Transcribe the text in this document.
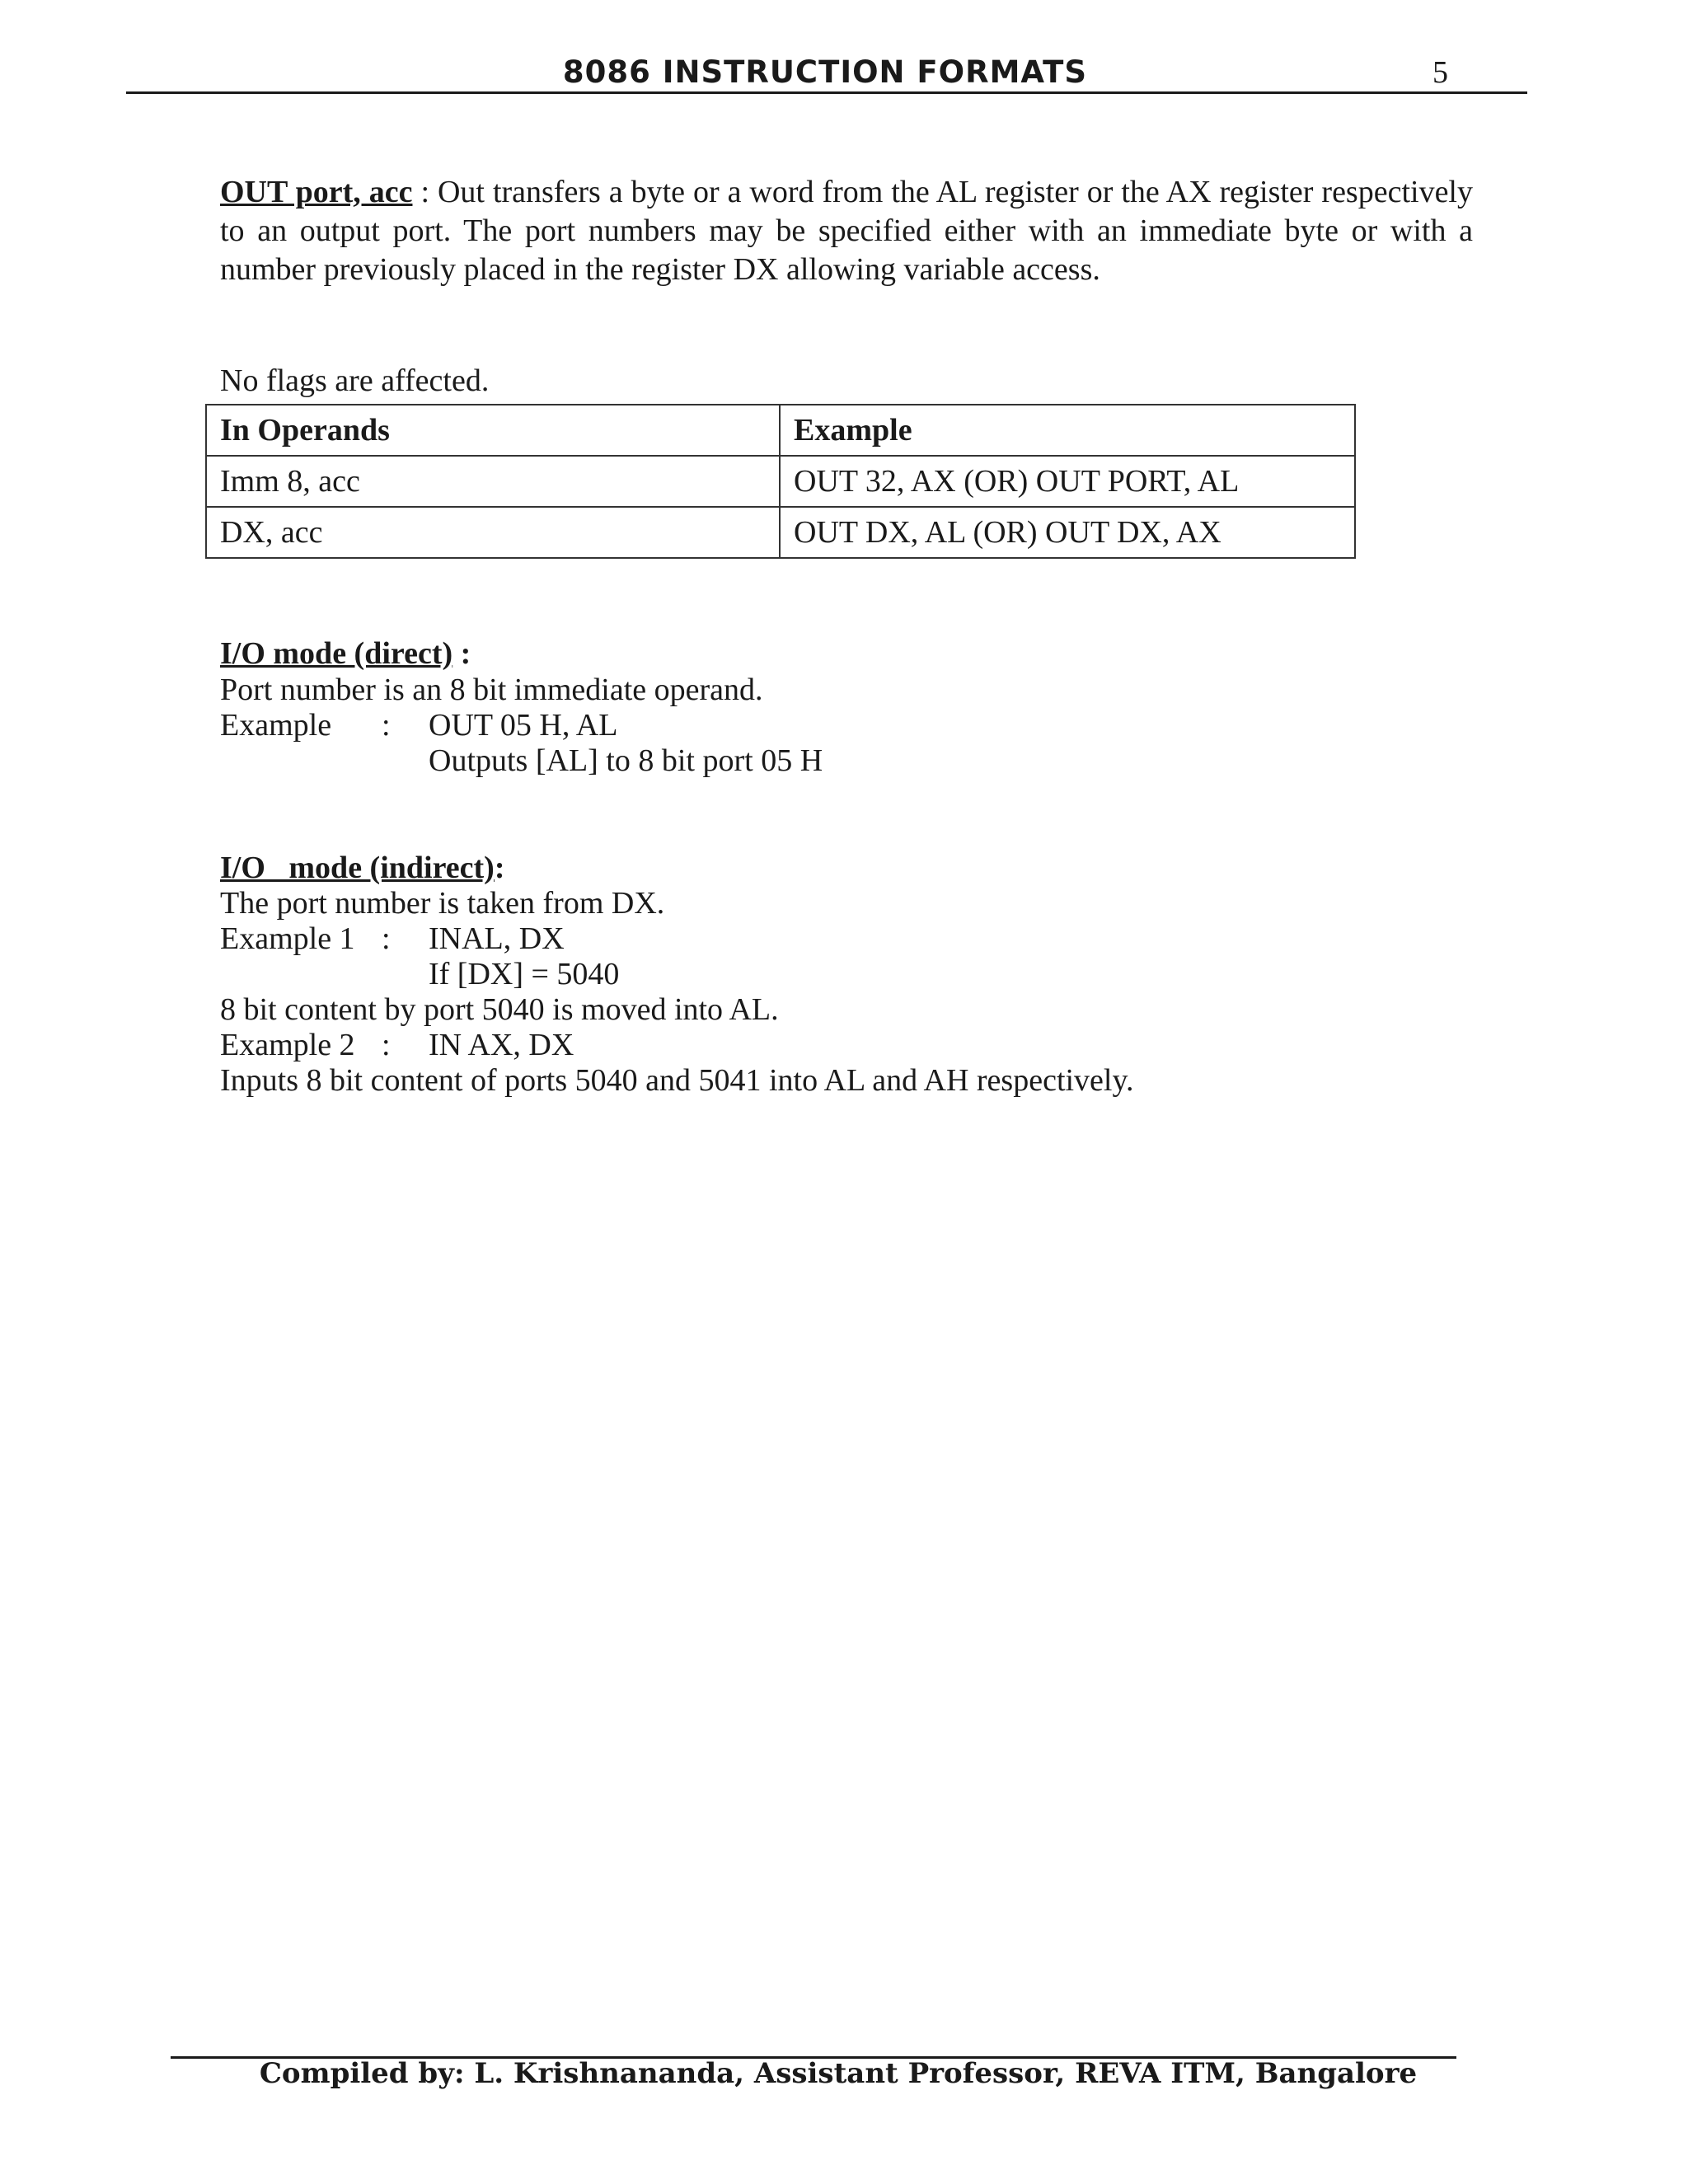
8086 INSTRUCTION FORMATS	5
OUT port, acc : Out transfers a byte or a word from the AL register or the AX register respectively to an output port. The port numbers may be specified either with an immediate byte or with a number previously placed in the register DX allowing variable access.
No flags are affected.
In Operands	Example
Imm 8, acc	OUT 32, AX (OR) OUT PORT, AL
DX, acc	OUT DX, AL (OR) OUT DX, AX
I/O mode (direct) :
Port number is an 8 bit immediate operand.
Example : OUT 05 H, AL
Outputs [AL] to 8 bit port 05 H
I/O   mode (indirect):
The port number is taken from DX.
Example 1 : INAL, DX
If [DX] = 5040
8 bit content by port 5040 is moved into AL.
Example 2 : IN AX, DX
Inputs 8 bit content of ports 5040 and 5041 into AL and AH respectively.
Compiled by: L. Krishnananda, Assistant Professor, REVA ITM, Bangalore
